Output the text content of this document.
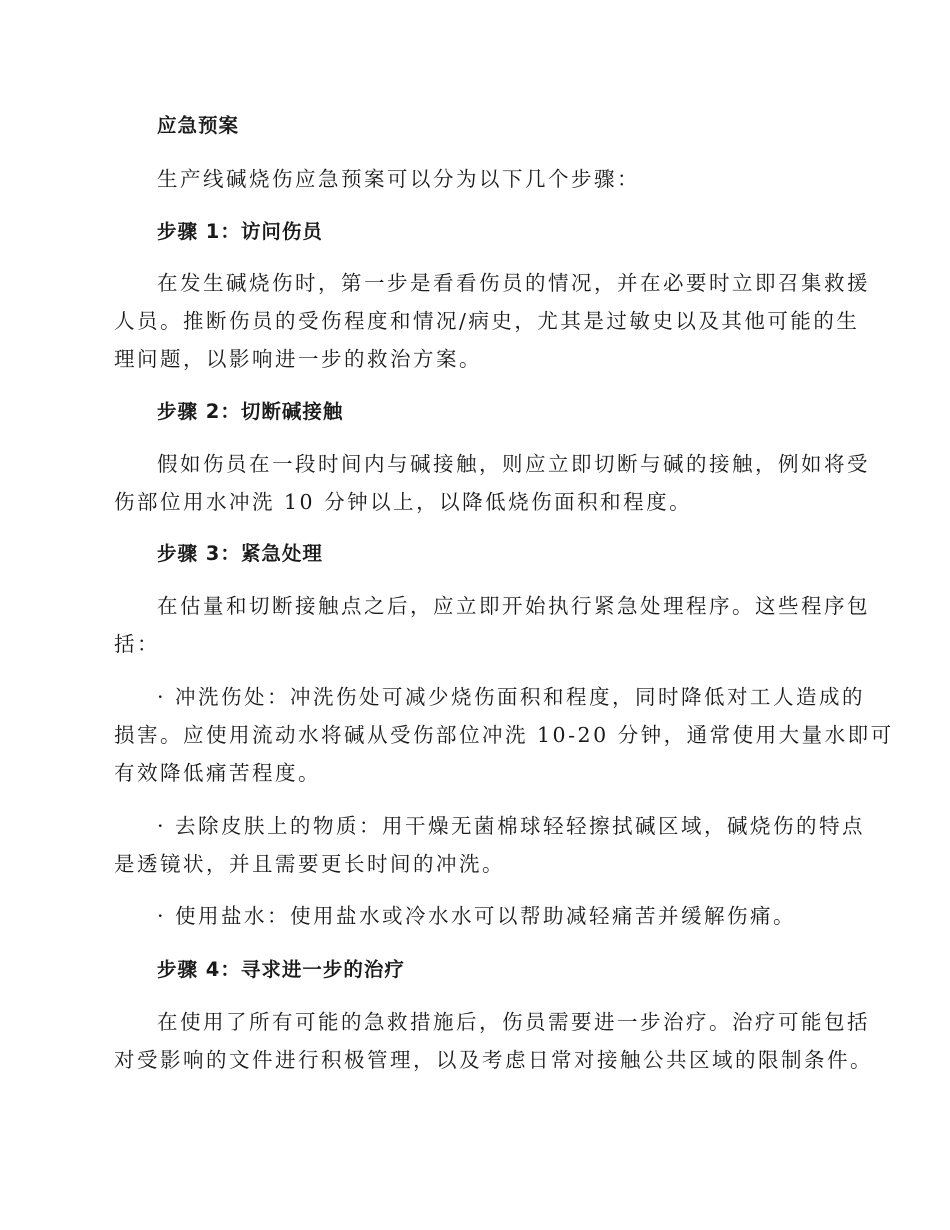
应急预案
生产线碱烧伤应急预案可以分为以下几个步骤：
步骤 1：访问伤员
在发生碱烧伤时，第一步是看看伤员的情况，并在必要时立即召集救援
人员。推断伤员的受伤程度和情况/病史，尤其是过敏史以及其他可能的生
理问题，以影响进一步的救治方案。
步骤 2：切断碱接触
假如伤员在一段时间内与碱接触，则应立即切断与碱的接触，例如将受
伤部位用水冲洗 10 分钟以上，以降低烧伤面积和程度。
步骤 3：紧急处理
在估量和切断接触点之后，应立即开始执行紧急处理程序。这些程序包
括：
· 冲洗伤处：冲洗伤处可减少烧伤面积和程度，同时降低对工人造成的
损害。应使用流动水将碱从受伤部位冲洗 10-20 分钟，通常使用大量水即可
有效降低痛苦程度。
· 去除皮肤上的物质：用干燥无菌棉球轻轻擦拭碱区域，碱烧伤的特点
是透镜状，并且需要更长时间的冲洗。
· 使用盐水：使用盐水或冷水水可以帮助减轻痛苦并缓解伤痛。
步骤 4：寻求进一步的治疗
在使用了所有可能的急救措施后，伤员需要进一步治疗。治疗可能包括
对受影响的文件进行积极管理，以及考虑日常对接触公共区域的限制条件。
